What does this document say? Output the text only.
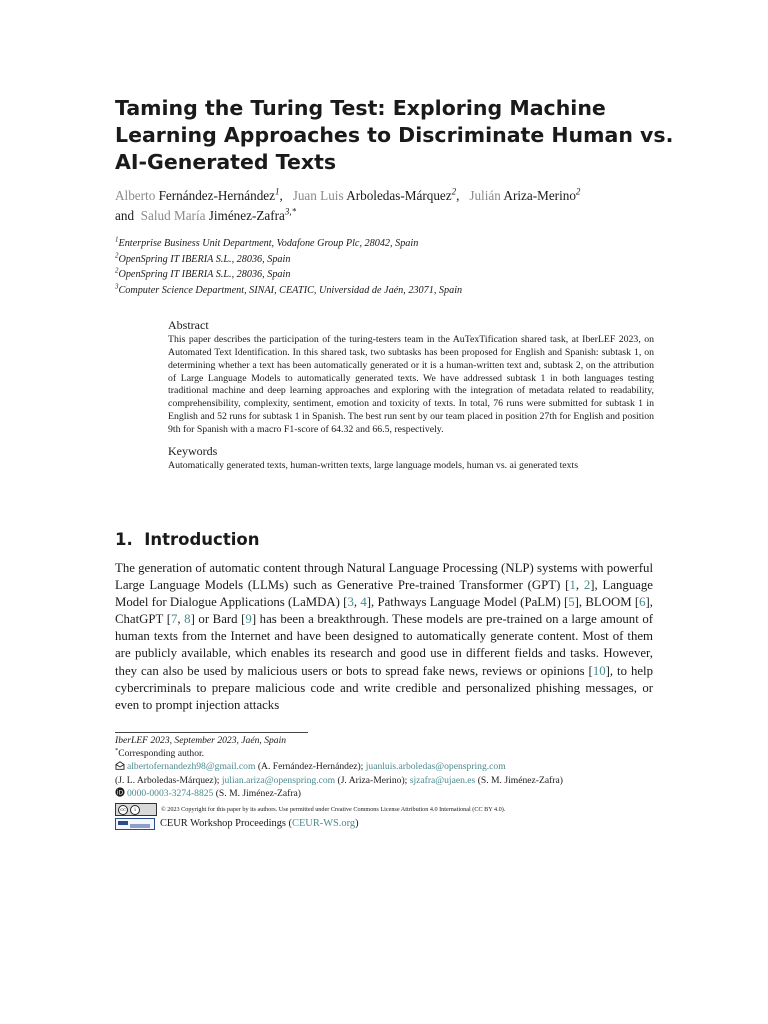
Taming the Turing Test: Exploring Machine Learning Approaches to Discriminate Human vs. AI-Generated Texts
Alberto Fernández-Hernández$^1$, Juan Luis Arboledas-Márquez$^2$, Julián Ariza-Merino$^2$
and Salud María Jiménez-Zafra$^{3,*}$
$^1$Enterprise Business Unit Department, Vodafone Group Plc, 28042, Spain
$^2$OpenSpring IT IBERIA S.L., 28036, Spain
$^2$OpenSpring IT IBERIA S.L., 28036, Spain
$^3$Computer Science Department, SINAI, CEATIC, Universidad de Jaén, 23071, Spain

Abstract

This paper describes the participation of the turing-testers team in the AuTexTification shared task, at IberLEF 2023, on Automated Text Identification. In this shared task, two subtasks has been proposed for English and Spanish: subtask 1, on determining whether a text has been automatically generated or it is a human-written text and, subtask 2, on the attribution of Large Language Models to automatically generated texts. We have addressed subtask 1 in both languages testing traditional machine and deep learning approaches and exploring with the integration of metadata related to readability, comprehensibility, complexity, sentiment, emotion and toxicity of texts. In total, 76 runs were submitted for subtask 1 in English and 52 runs for subtask 1 in Spanish. The best run sent by our team placed in position 27th for English and position 9th for Spanish with a macro F1-score of 64.32 and 66.5, respectively.

Keywords

Automatically generated texts, human-written texts, large language models, human vs. ai generated texts

1. Introduction

The generation of automatic content through Natural Language Processing (NLP) systems with powerful Large Language Models (LLMs) such as Generative Pre-trained Transformer (GPT) [1, 2], Language Model for Dialogue Applications (LaMDA) [3, 4], Pathways Language Model (PaLM) [5], BLOOM [6], ChatGPT [7, 8] or Bard [9] has been a breakthrough. These models are pre-trained on a large amount of human texts from the Internet and have been designed to automatically generate content. Most of them are publicly available, which enables its research and good use in different fields and tasks. However, they can also be used by malicious users or bots to spread fake news, reviews or opinions [10], to help cybercriminals to prepare malicious code and write credible and personalized phishing messages, or even to prompt injection attacks

IberLEF 2023, September 2023, Jaén, Spain

*Corresponding author.

albertofernandezh98@gmail.com (A. Fernández-Hernández); juanluis.arboledas@openspring.com

(J. L. Arboledas-Márquez); julian.ariza@openspring.com (J. Ariza-Merino); sjzafra@ujaen.es (S. M. Jiménez-Zafra)

iD 0000-0003-3274-8825 (S. M. Jiménez-Zafra)

cc	i	© 2023 Copyright for this paper by its authors. Use permitted under Creative Commons License Attribution 4.0 International (CC BY 4.0).
CEUR Workshop Proceedings (CEUR-WS.org)
